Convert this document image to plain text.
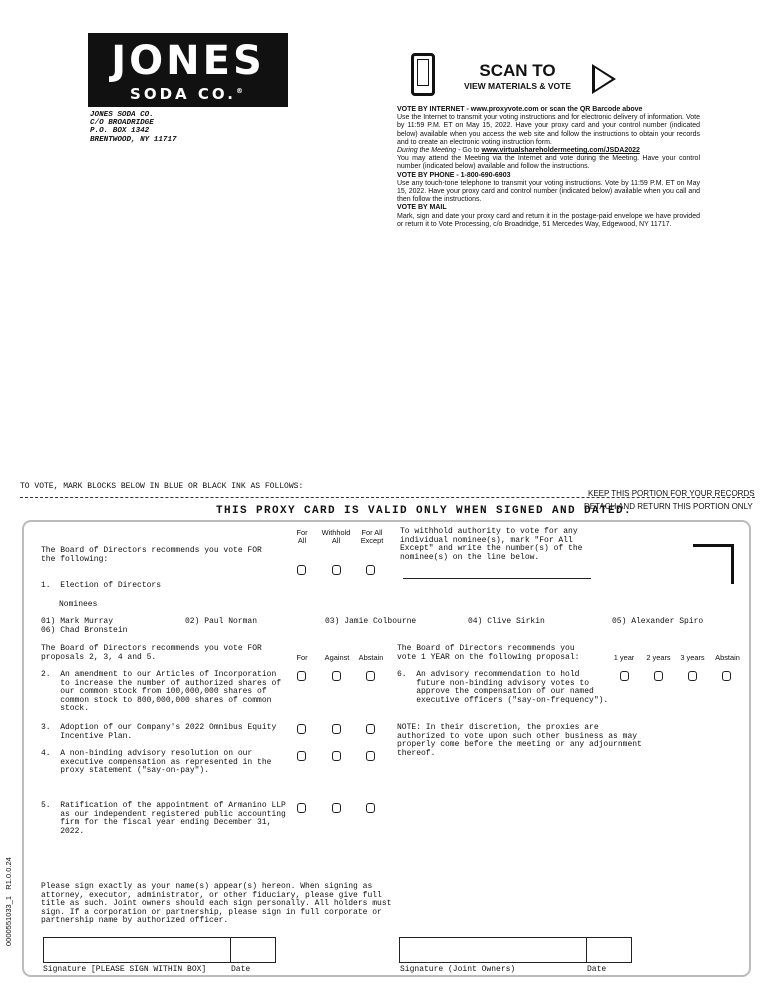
JONES
SODA CO.®
JONES SODA CO.
C/O BROADRIDGE
P.O. BOX 1342
BRENTWOOD, NY 11717
SCAN TO
VIEW MATERIALS & VOTE

VOTE BY INTERNET - www.proxyvote.com or scan the QR Barcode above

Use the Internet to transmit your voting instructions and for electronic delivery of information. Vote by 11:59 P.M. ET on May 15, 2022. Have your proxy card and your control number (indicated below) available when you access the web site and follow the instructions to obtain your records and to create an electronic voting instruction form.

During the Meeting - Go to www.virtualshareholdermeeting.com/JSDA2022

You may attend the Meeting via the Internet and vote during the Meeting. Have your control number (indicated below) available and follow the instructions.

VOTE BY PHONE - 1-800-690-6903

Use any touch-tone telephone to transmit your voting instructions. Vote by 11:59 P.M. ET on May 15, 2022. Have your proxy card and control number (indicated below) available when you call and then follow the instructions.

VOTE BY MAIL

Mark, sign and date your proxy card and return it in the postage-paid envelope we have provided or return it to Vote Processing, c/o Broadridge, 51 Mercedes Way, Edgewood, NY 11717.

TO VOTE, MARK BLOCKS BELOW IN BLUE OR BLACK INK AS FOLLOWS:
KEEP THIS PORTION FOR YOUR RECORDS
DETACH AND RETURN THIS PORTION ONLY
THIS PROXY CARD IS VALID ONLY WHEN SIGNED AND DATED.
For
All
Withhold
All
For All
Except
To withhold authority to vote for any
individual nominee(s), mark "For All
Except" and write the number(s) of the
nominee(s) on the line below.
The Board of Directors recommends you vote FOR
the following:
1.  Election of Directors
Nominees
01) Mark Murray	02) Paul Norman	03) Jamie Colbourne	04) Clive Sirkin	05) Alexander Spiro
06) Chad Bronstein
The Board of Directors recommends you vote FOR
proposals 2, 3, 4 and 5.	For	Against	Abstain
The Board of Directors recommends you
vote 1 YEAR on the following proposal:	1 year	2 years	3 years	Abstain
2.  An amendment to our Articles of Incorporation
to increase the number of authorized shares of
our common stock from 100,000,000 shares of
common stock to 800,000,000 shares of common
stock.
6.  An advisory recommendation to hold
future non-binding advisory votes to
approve the compensation of our named
executive officers ("say-on-frequency").
3.  Adoption of our Company's 2022 Omnibus Equity
Incentive Plan.
NOTE: In their discretion, the proxies are
authorized to vote upon such other business as may
properly come before the meeting or any adjournment
thereof.
4.  A non-binding advisory resolution on our
executive compensation as represented in the
proxy statement ("say-on-pay").
5.  Ratification of the appointment of Armanino LLP
as our independent registered public accounting
firm for the fiscal year ending December 31,
2022.
Please sign exactly as your name(s) appear(s) hereon. When signing as
attorney, executor, administrator, or other fiduciary, please give full
title as such. Joint owners should each sign personally. All holders must
sign. If a corporation or partnership, please sign in full corporate or
partnership name by authorized officer.
Signature [PLEASE SIGN WITHIN BOX]	Date	Signature (Joint Owners)	Date
0000551033_1   R1.0.0.24
